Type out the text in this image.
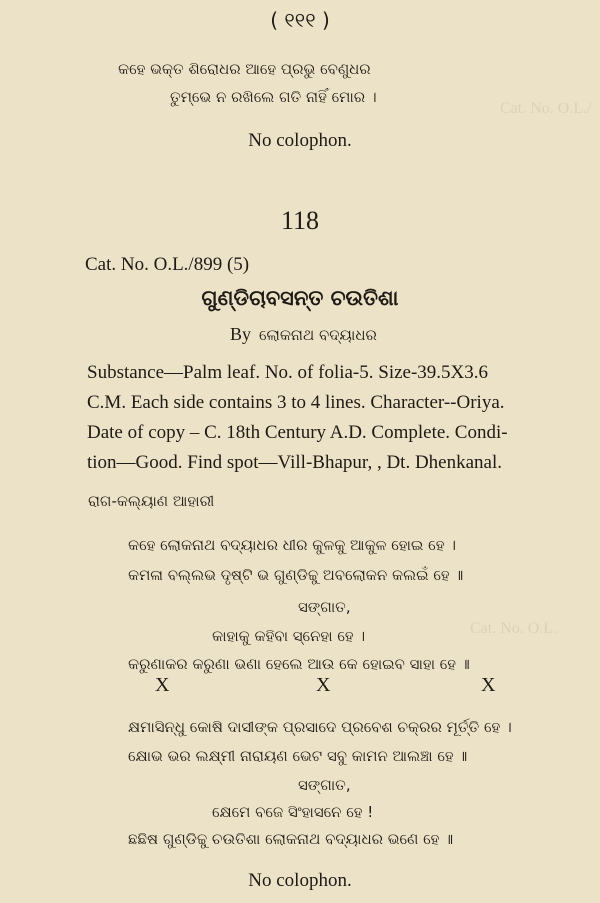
Cat. No. O.L./
Cat. No. O.L.
( ୧୧୧ )
କହେ ଭକ୍ତ ଶିରୋଧର ଆହେ ପ୍ରଭୁ ବେଣୁଧର
ତୁମ୍ଭେ ନ ରଖିଲେ ଗତି ନାହିଁ ମୋର ।
No colophon.
118
Cat. No. O.L./899 (5)
ଗୁଣ୍ଡିଚାବସନ୍ତ ଚଉତିଶା
By ଲୋକନାଥ ବଦ୍ୟାଧର
Substance—Palm leaf. No. of folia-5. Size-39.5X3.6
C.M. Each side contains 3 to 4 lines. Character--Oriya.
Date of copy – C. 18th Century A.D. Complete. Condi-
tion—Good. Find spot—Vill-Bhapur, , Dt. Dhenkanal.
ରାଗ-କଲ୍ୟାଣ ଆହାରୀ
କହେ ଲୋକନାଥ ବଦ୍ୟାଧର ଧୀର କୁଳକୁ ଆକୁଳ ହୋଇ ହେ ।
କମଳା ବଲ୍ଲଭ ଦୃଷ୍ଟି ଭ ଗୁଣ୍ଡିଚ୍ଚୁ ଅବଲୋକନ କଲଇଁ ହେ ॥
ସଙ୍ଗାତ,
କାହାକୁ କହିବା ସ୍ନେହା ହେ ।
କରୁଣାକର କରୁଣା ଭଣା ହେଲେ ଆଉ କେ ହୋଇବ ସାହା ହେ ॥
X	X	X
କ୍ଷମାସିନ୍ଧୁ କୋଷି ଦାସୀଙ୍କ ପ୍ରସାଦେ ପ୍ରବେଶ ଚକ୍ରର ମୂର୍ତ୍ତି ହେ ।
କ୍ଷୋଭ ଭର ଲକ୍ଷ୍ମୀ ନାରାୟଣ ଭେଟ ସବୁ କାମନ ଆଲଞ୍ଚା ହେ ॥
ସଙ୍ଗାତ,
କ୍ଷେମେ ବଜେ ସିଂହାସନେ ହେ !
ଛଛିଷ ଗୁଣ୍ଡିଚ୍ଚୁ ଚଉତିଶା ଲୋକନାଥ ବଦ୍ୟାଧର ଭଣେ ହେ ॥
No colophon.
